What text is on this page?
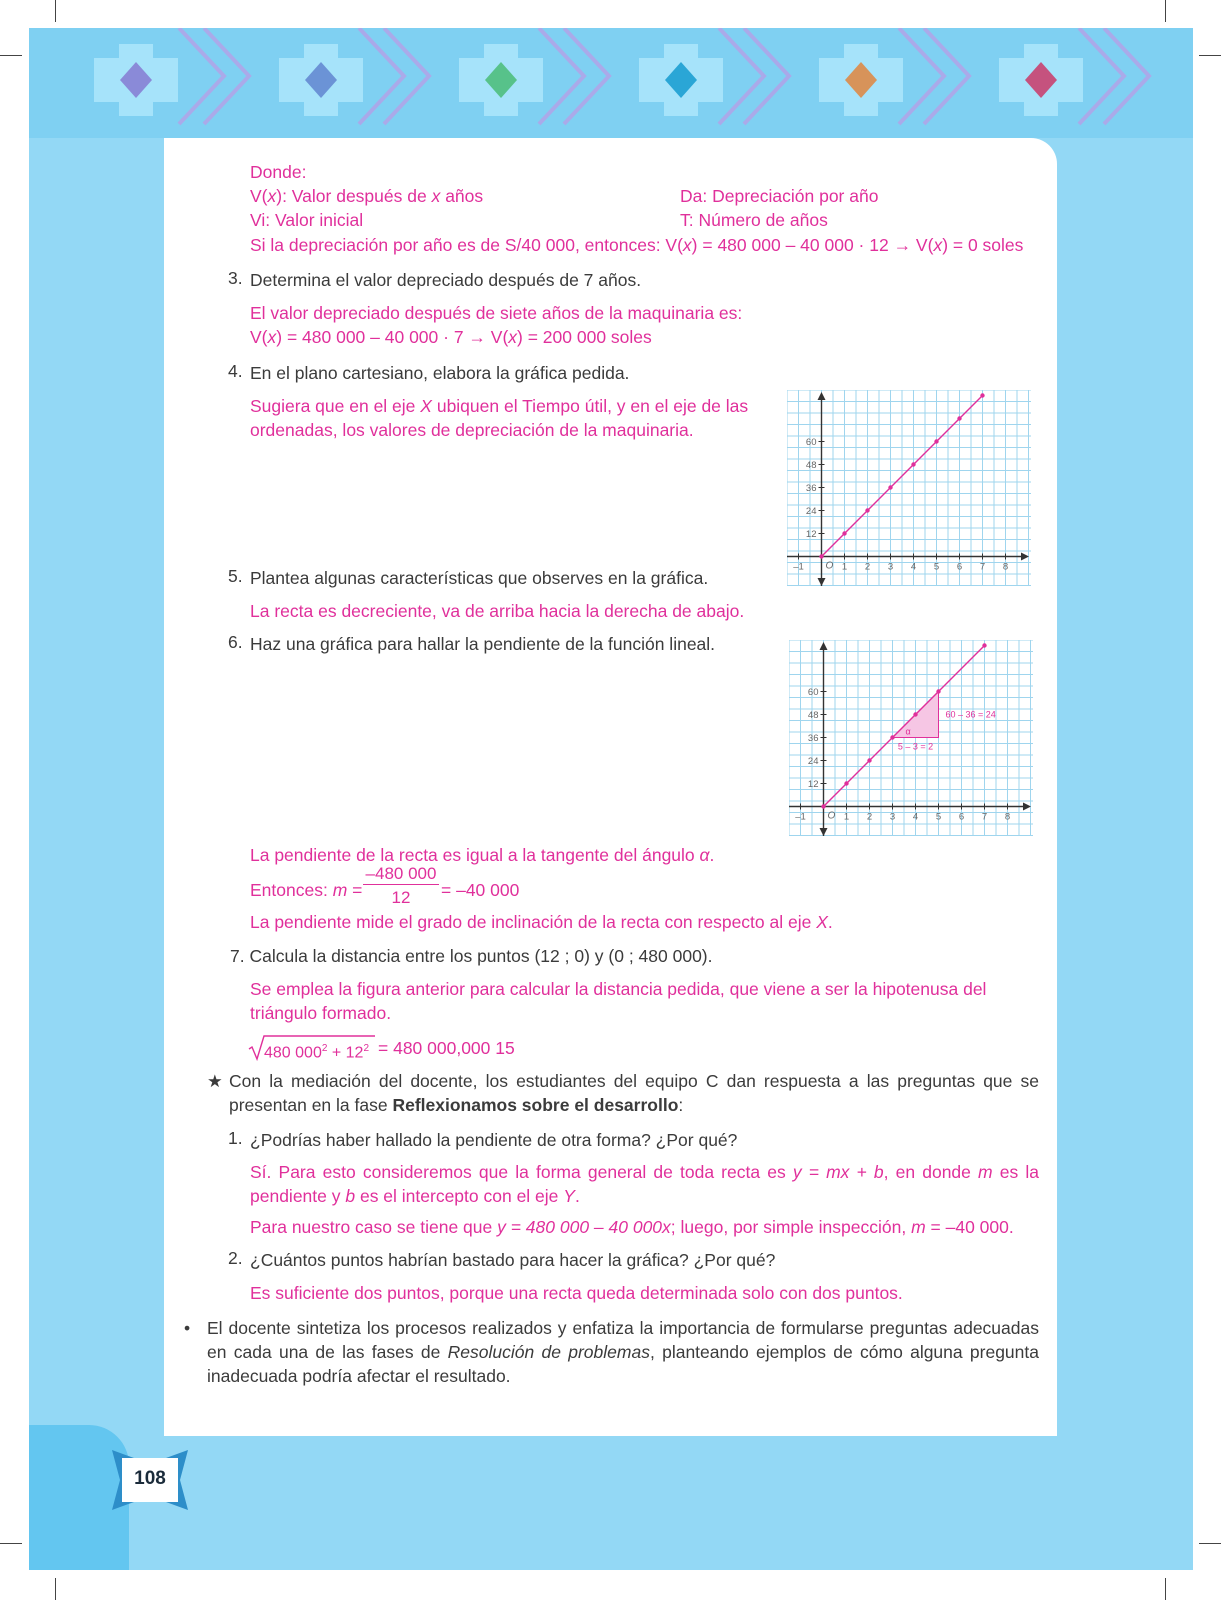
108
Donde:
V(x): Valor después de x años	Da: Depreciación por año
Vi: Valor inicial	T: Número de años
Si la depreciación por año es de S/40 000, entonces: V(x) = 480 000 – 40 000 · 12 → V(x) = 0 soles
3. Determina el valor depreciado después de 7 años.
El valor depreciado después de siete años de la maquinaria es:
V(x) = 480 000 – 40 000 · 7 → V(x) = 200 000 soles
4. En el plano cartesiano, elabora la gráfica pedida.
Sugiera que en el eje X ubiquen el Tiempo útil, y en el eje de las
ordenadas, los valores de depreciación de la maquinaria.
–1	1 2 3 4 5 6 7 8
O
12
24
36
48
60
5. Plantea algunas características que observes en la gráfica.
La recta es decreciente, va de arriba hacia la derecha de abajo.
6. Haz una gráfica para hallar la pendiente de la función lineal.
–1	1 2 3 4 5 6 7 8
O
12
24
36
48
60
60 – 36 = 24
5 – 3 = 2
α
La pendiente de la recta es igual a la tangente del ángulo α.
Entonces: m =
–480 000
12	= –40 000
La pendiente mide el grado de inclinación de la recta con respecto al eje X.
7. Calcula la distancia entre los puntos (12 ; 0) y (0 ; 480 000).
Se emplea la figura anterior para calcular la distancia pedida, que viene a ser la hipotenusa del triángulo formado.
480 $000^2 + 12^2 = 480$ 000,000 15
★ Con la mediación del docente, los estudiantes del equipo C dan respuesta a las preguntas que se presentan en la fase Reflexionamos sobre el desarrollo:
1. ¿Podrías haber hallado la pendiente de otra forma? ¿Por qué?
Sí. Para esto consideremos que la forma general de toda recta es y = mx + b, en donde m es la pendiente y b es el intercepto con el eje Y.
Para nuestro caso se tiene que y = 480 000 – 40 000x; luego, por simple inspección, m = –40 000.
2. ¿Cuántos puntos habrían bastado para hacer la gráfica? ¿Por qué?
Es suficiente dos puntos, porque una recta queda determinada solo con dos puntos.
• El docente sintetiza los procesos realizados y enfatiza la importancia de formularse preguntas adecuadas en cada una de las fases de Resolución de problemas, planteando ejemplos de cómo alguna pregunta inadecuada podría afectar el resultado.
